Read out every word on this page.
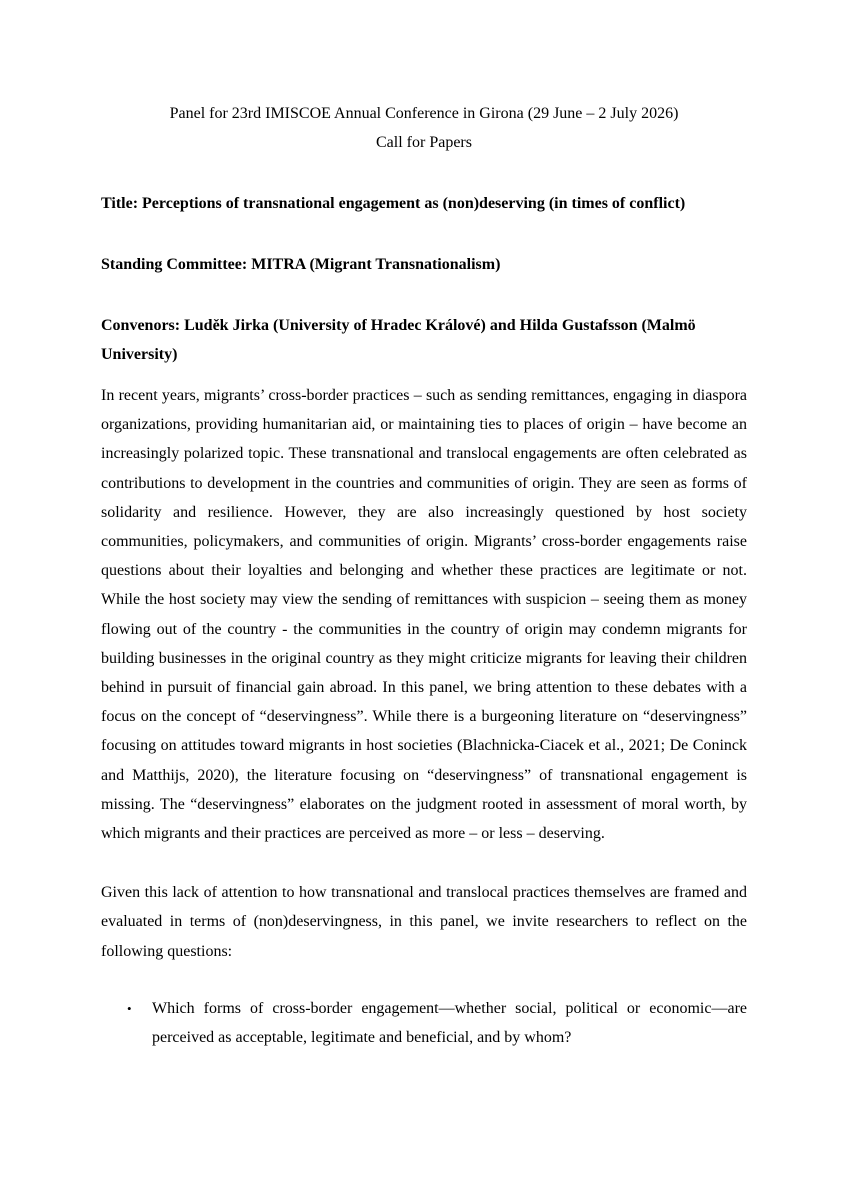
Panel for 23rd IMISCOE Annual Conference in Girona (29 June – 2 July 2026)

Call for Papers

Title: Perceptions of transnational engagement as (non)deserving (in times of conflict)

Standing Committee: MITRA (Migrant Transnationalism)

Convenors: Luděk Jirka (University of Hradec Králové) and Hilda Gustafsson (Malmö University)

In recent years, migrants’ cross-border practices – such as sending remittances, engaging in diaspora organizations, providing humanitarian aid, or maintaining ties to places of origin – have become an increasingly polarized topic. These transnational and translocal engagements are often celebrated as contributions to development in the countries and communities of origin. They are seen as forms of solidarity and resilience. However, they are also increasingly questioned by host society communities, policymakers, and communities of origin. Migrants’ cross-border engagements raise questions about their loyalties and belonging and whether these practices are legitimate or not. While the host society may view the sending of remittances with suspicion – seeing them as money flowing out of the country - the communities in the country of origin may condemn migrants for building businesses in the original country as they might criticize migrants for leaving their children behind in pursuit of financial gain abroad. In this panel, we bring attention to these debates with a focus on the concept of “deservingness”. While there is a burgeoning literature on “deservingness” focusing on attitudes toward migrants in host societies (Blachnicka-Ciacek et al., 2021; De Coninck and Matthijs, 2020), the literature focusing on “deservingness” of transnational engagement is missing. The “deservingness” elaborates on the judgment rooted in assessment of moral worth, by which migrants and their practices are perceived as more – or less – deserving.

Given this lack of attention to how transnational and translocal practices themselves are framed and evaluated in terms of (non)deservingness, in this panel, we invite researchers to reflect on the following questions:

• Which forms of cross-border engagement—whether social, political or economic—are perceived as acceptable, legitimate and beneficial, and by whom?
